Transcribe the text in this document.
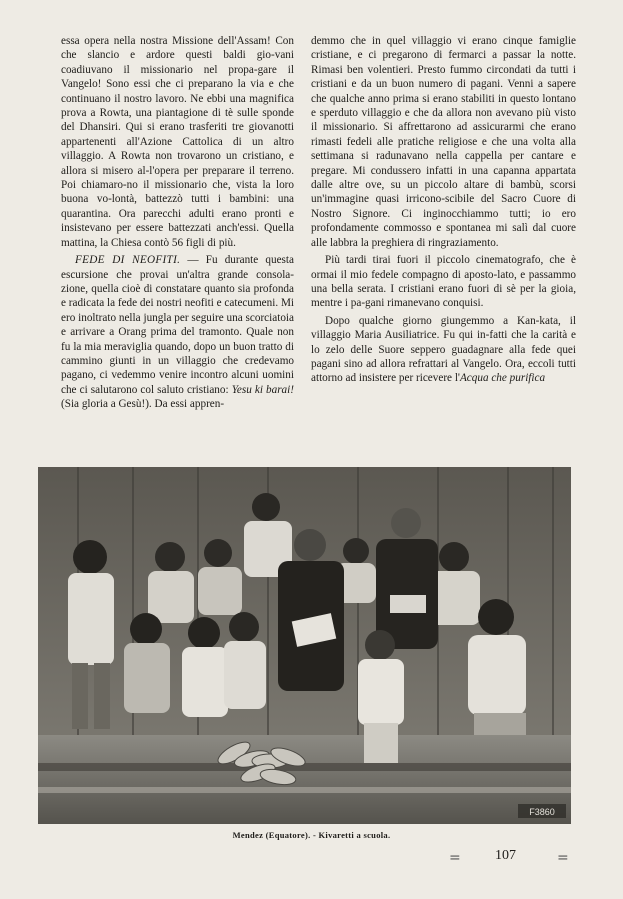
essa opera nella nostra Missione dell'Assam! Con che slancio e ardore questi baldi gio-vani coadiuvano il missionario nel propa-gare il Vangelo! Sono essi che ci preparano la via e che continuano il nostro lavoro. Ne ebbi una magnifica prova a Rowta, una piantagione di tè sulle sponde del Dhansiri. Qui si erano trasferiti tre giovanotti appartenenti all'Azione Cattolica di un altro villaggio. A Rowta non trovarono un cristiano, e allora si misero al-l'opera per preparare il terreno. Poi chiamaro-no il missionario che, vista la loro buona vo-lontà, battezzò tutti i bambini: una quarantina. Ora parecchi adulti erano pronti e insistevano per essere battezzati anch'essi. Quella mattina, la Chiesa contò 56 figli di più.

FEDE DI NEOFITI. — Fu durante questa escursione che provai un'altra grande consola-zione, quella cioè di constatare quanto sia profonda e radicata la fede dei nostri neofiti e catecumeni. Mi ero inoltrato nella jungla per seguire una scorciatoia e arrivare a Orang prima del tramonto. Quale non fu la mia meraviglia quando, dopo un buon tratto di cammino giunti in un villaggio che credevamo pagano, ci vedemmo venire incontro alcuni uomini che ci salutarono col saluto cristiano: Yesu ki barai! (Sia gloria a Gesù!). Da essi appren-

demmo che in quel villaggio vi erano cinque famiglie cristiane, e ci pregarono di fermarci a passar la notte. Rimasi ben volentieri. Presto fummo circondati da tutti i cristiani e da un buon numero di pagani. Venni a sapere che qualche anno prima si erano stabiliti in questo lontano e sperduto villaggio e che da allora non avevano più visto il missionario. Si affrettarono ad assicurarmi che erano rimasti fedeli alle pratiche religiose e che una volta alla settimana si radunavano nella cappella per cantare e pregare. Mi condussero infatti in una capanna appartata dalle altre ove, su un piccolo altare di bambù, scorsi un'immagine quasi irricono-scibile del Sacro Cuore di Nostro Signore. Ci inginocchiammo tutti; io ero profondamente commosso e spontanea mi salì dal cuore alle labbra la preghiera di ringraziamento.

Più tardi tirai fuori il piccolo cinematografo, che è ormai il mio fedele compagno di aposto-lato, e passammo una bella serata. I cristiani erano fuori di sè per la gioia, mentre i pa-gani rimanevano conquisi.

Dopo qualche giorno giungemmo a Kan-kata, il villaggio Maria Ausiliatrice. Fu qui in-fatti che la carità e lo zelo delle Suore seppero guadagnare alla fede quei pagani sino ad allora refrattari al Vangelo. Ora, eccoli tutti attorno ad insistere per ricevere l'Acqua che purifica

F3860
Mendez (Equatore). - Kivaretti a scuola.
= 107	=
